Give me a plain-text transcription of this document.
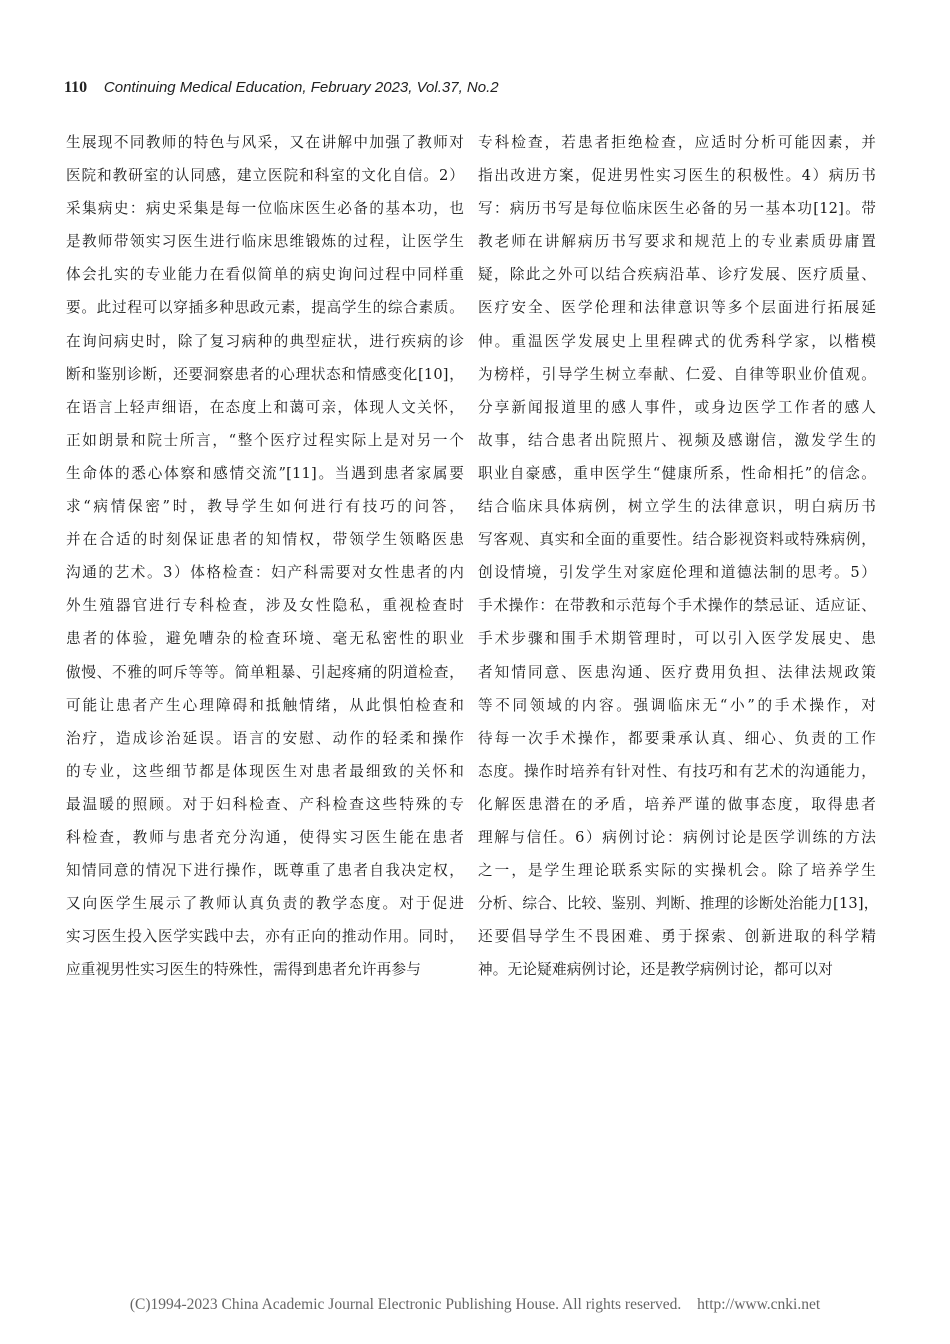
110 Continuing Medical Education, February 2023, Vol.37, No.2
生展现不同教师的特色与风采，又在讲解中加强了教师对
医院和教研室的认同感，建立医院和科室的文化自信。2）
采集病史：病史采集是每一位临床医生必备的基本功，也
是教师带领实习医生进行临床思维锻炼的过程，让医学生
体会扎实的专业能力在看似简单的病史询问过程中同样重
要。此过程可以穿插多种思政元素，提高学生的综合素质。
在询问病史时，除了复习病种的典型症状，进行疾病的诊
断和鉴别诊断，还要洞察患者的心理状态和情感变化[10]，
在语言上轻声细语，在态度上和蔼可亲，体现人文关怀，
正如朗景和院士所言，“整个医疗过程实际上是对另一个
生命体的悉心体察和感情交流”[11]。当遇到患者家属要
求“病情保密”时，教导学生如何进行有技巧的问答，
并在合适的时刻保证患者的知情权，带领学生领略医患
沟通的艺术。3）体格检查：妇产科需要对女性患者的内
外生殖器官进行专科检查，涉及女性隐私，重视检查时
患者的体验，避免嘈杂的检查环境、毫无私密性的职业
傲慢、不雅的呵斥等等。简单粗暴、引起疼痛的阴道检查，
可能让患者产生心理障碍和抵触情绪，从此惧怕检查和
治疗，造成诊治延误。语言的安慰、动作的轻柔和操作
的专业，这些细节都是体现医生对患者最细致的关怀和
最温暖的照顾。对于妇科检查、产科检查这些特殊的专
科检查，教师与患者充分沟通，使得实习医生能在患者
知情同意的情况下进行操作，既尊重了患者自我决定权，
又向医学生展示了教师认真负责的教学态度。对于促进
实习医生投入医学实践中去，亦有正向的推动作用。同时，
应重视男性实习医生的特殊性，需得到患者允许再参与
专科检查，若患者拒绝检查，应适时分析可能因素，并
指出改进方案，促进男性实习医生的积极性。4）病历书
写：病历书写是每位临床医生必备的另一基本功[12]。带
教老师在讲解病历书写要求和规范上的专业素质毋庸置
疑，除此之外可以结合疾病沿革、诊疗发展、医疗质量、
医疗安全、医学伦理和法律意识等多个层面进行拓展延
伸。重温医学发展史上里程碑式的优秀科学家，以楷模
为榜样，引导学生树立奉献、仁爱、自律等职业价值观。
分享新闻报道里的感人事件，或身边医学工作者的感人
故事，结合患者出院照片、视频及感谢信，激发学生的
职业自豪感，重申医学生“健康所系，性命相托”的信念。
结合临床具体病例，树立学生的法律意识，明白病历书
写客观、真实和全面的重要性。结合影视资料或特殊病例，
创设情境，引发学生对家庭伦理和道德法制的思考。5）
手术操作：在带教和示范每个手术操作的禁忌证、适应证、
手术步骤和围手术期管理时，可以引入医学发展史、患
者知情同意、医患沟通、医疗费用负担、法律法规政策
等不同领域的内容。强调临床无“小”的手术操作，对
待每一次手术操作，都要秉承认真、细心、负责的工作
态度。操作时培养有针对性、有技巧和有艺术的沟通能力，
化解医患潜在的矛盾，培养严谨的做事态度，取得患者
理解与信任。6）病例讨论：病例讨论是医学训练的方法
之一，是学生理论联系实际的实操机会。除了培养学生
分析、综合、比较、鉴别、判断、推理的诊断处治能力[13]，
还要倡导学生不畏困难、勇于探索、创新进取的科学精
神。无论疑难病例讨论，还是教学病例讨论，都可以对
(C)1994-2023 China Academic Journal Electronic Publishing House. All rights reserved. http://www.cnki.net
